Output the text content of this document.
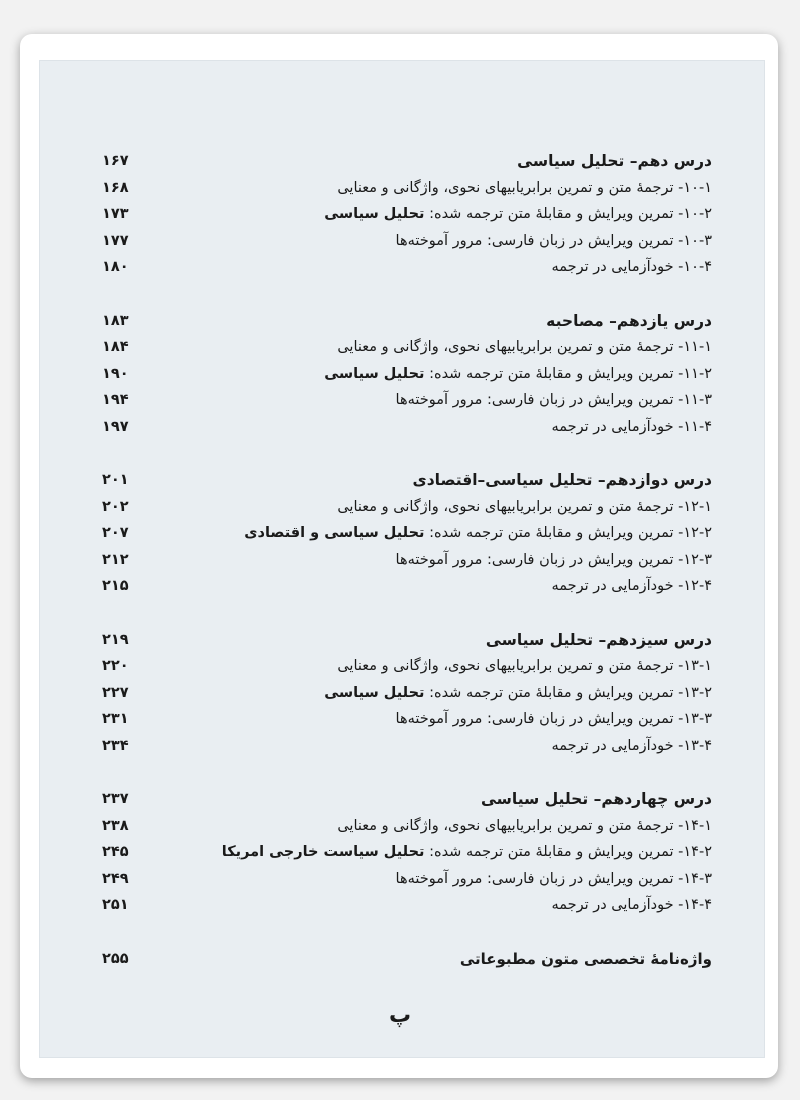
درس دهم– تحلیل سیاسی
۱۶۷
۱۰-۱- ترجمهٔ متن و تمرین برابریابیهای نحوی، واژگانی و معنایی
۱۶۸
۱۰-۲- تمرین ویرایش و مقابلهٔ متن ترجمه شده: تحلیل سیاسی
۱۷۳
۱۰-۳- تمرین ویرایش در زبان فارسی: مرور آموخته‌ها
۱۷۷
۱۰-۴- خودآزمایی در ترجمه
۱۸۰
درس یازدهم– مصاحبه
۱۸۳
۱۱-۱- ترجمهٔ متن و تمرین برابریابیهای نحوی، واژگانی و معنایی
۱۸۴
۱۱-۲- تمرین ویرایش و مقابلهٔ متن ترجمه شده: تحلیل سیاسی
۱۹۰
۱۱-۳- تمرین ویرایش در زبان فارسی: مرور آموخته‌ها
۱۹۴
۱۱-۴- خودآزمایی در ترجمه
۱۹۷
درس دوازدهم– تحلیل سیاسی–اقتصادی
۲۰۱
۱۲-۱- ترجمهٔ متن و تمرین برابریابیهای نحوی، واژگانی و معنایی
۲۰۲
۱۲-۲- تمرین ویرایش و مقابلهٔ متن ترجمه شده: تحلیل سیاسی و اقتصادی
۲۰۷
۱۲-۳- تمرین ویرایش در زبان فارسی: مرور آموخته‌ها
۲۱۲
۱۲-۴- خودآزمایی در ترجمه
۲۱۵
درس سیزدهم– تحلیل سیاسی
۲۱۹
۱۳-۱- ترجمهٔ متن و تمرین برابریابیهای نحوی، واژگانی و معنایی
۲۲۰
۱۳-۲- تمرین ویرایش و مقابلهٔ متن ترجمه شده: تحلیل سیاسی
۲۲۷
۱۳-۳- تمرین ویرایش در زبان فارسی: مرور آموخته‌ها
۲۳۱
۱۳-۴- خودآزمایی در ترجمه
۲۳۴
درس چهاردهم– تحلیل سیاسی
۲۳۷
۱۴-۱- ترجمهٔ متن و تمرین برابریابیهای نحوی، واژگانی و معنایی
۲۳۸
۱۴-۲- تمرین ویرایش و مقابلهٔ متن ترجمه شده: تحلیل سیاست خارجی امریکا
۲۴۵
۱۴-۳- تمرین ویرایش در زبان فارسی: مرور آموخته‌ها
۲۴۹
۱۴-۴- خودآزمایی در ترجمه
۲۵۱
واژه‌نامهٔ تخصصی متون مطبوعاتی
۲۵۵
پ
